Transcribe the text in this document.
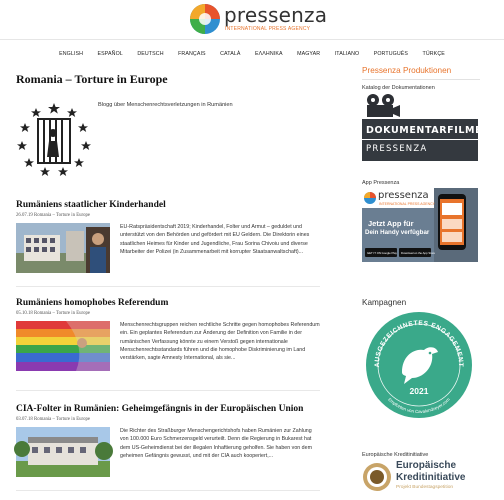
pressenza
INTERNATIONAL PRESS AGENCY
ENGLISH	ESPAÑOL	DEUTSCH	FRANÇAIS	CATALÀ	ΕΛΛΗΝΙΚΑ	MAGYAR	ITALIANO	PORTUGUÊS	TÜRKÇE
Romania – Torture in Europe
Blogg über Menschenrechtsverletzungen in Rumänien
Rumäniens staatlicher Kinderhandel
26.07.19 Romania – Torture in Europe
EU-Ratspräsidentschaft 2019; Kinderhandel, Folter und Armut – geduldet und unterstützt von den Behörden und gefördert mit EU Geldern. Die Direktorin eines staatlichen Heimes für Kinder und Jugendliche, Frau Sorina Chivoiu und diverse Mitarbeiter der Polizei (in Zusammenarbeit mit korrupter Staatsanwaltschaft)...
Rumäniens homophobes Referendum
05.10.18 Romania – Torture in Europe
Menschenrechtsgruppen reichen rechtliche Schritte gegen homophobes Referendum ein. Ein geplantes Referendum zur Änderung der Definition von Familie in der rumänischen Verfassung könnte zu einem Verstoß gegen internationale Menschenrechtsstandards führen und die homophobe Diskriminierung im Land verstärken, sagte Amnesty International, als sie...
CIA-Folter in Rumänien: Geheimgefängnis in der Europäischen Union
03.07.18 Romania – Torture in Europe
Die Richter des Straßburger Menschengerichtshofs haben Rumänien zur Zahlung von 100.000 Euro Schmerzensgeld verurteilt. Denn die Regierung in Bukarest hat dem US-Geheimdienst bei der illegalen Inhaftierung geholfen. Sie haben von dem geheimen Gefängnis gewusst, und mit der CIA auch kooperiert,...
Pressenza Produktionen
Katalog der Dokumentationen
DOKUMENTARFILME
PRESSENZA
App Pressenza
pressenza
INTERNATIONAL PRESS AGENCY
Jetzt App für
Dein Handy verfügbar
GET IT ON Google Play	Download on the App Store
Kampagnen
AUSGEZEICHNETES ENGAGEMENT
2021
Empfohlen von Cavalundzeyer.com
Europäische Kreditinitiative
Europäische
Kreditinitiative
Projekt Bundestagspetition
